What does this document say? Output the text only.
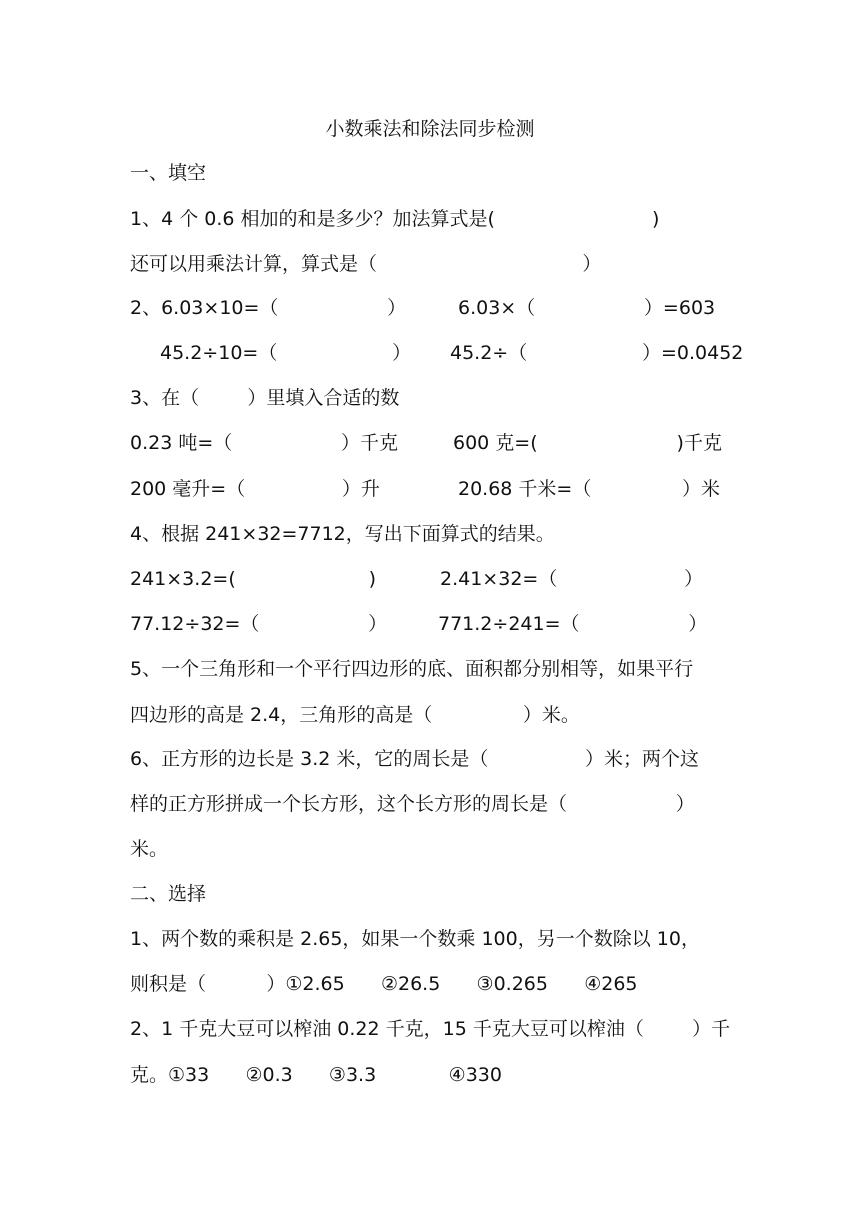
小数乘法和除法同步检测
一、填空
1、4 个 0.6 相加的和是多少？加法算式是(                          )
还可以用乘法计算，算式是（                                  ）
2、6.03×10=（                  ）	6.03×（                  ）=603
45.2÷10=（                   ） 45.2÷（                   ）=0.0452
3、在（        ）里填入合适的数
0.23 吨=（                  ）千克	600 克=(                       )千克
200 毫升=（                ）升	20.68 千米=（               ）米
4、根据 241×32=7712，写出下面算式的结果。
241×3.2=(                      )	2.41×32=（                     ）
77.12÷32=（                  ）	771.2÷241=（                  ）
5、一个三角形和一个平行四边形的底、面积都分别相等，如果平行
四边形的高是 2.4，三角形的高是（               ）米。
6、正方形的边长是 3.2 米，它的周长是（                ）米；两个这
样的正方形拼成一个长方形，这个长方形的周长是（                  ）
米。
二、选择
1、两个数的乘积是 2.65，如果一个数乘 100，另一个数除以 10，
则积是（          ）①2.65      ②26.5      ③0.265      ④265
2、1 千克大豆可以榨油 0.22 千克，15 千克大豆可以榨油（        ）千
克。①33      ②0.3      ③3.3            ④330
